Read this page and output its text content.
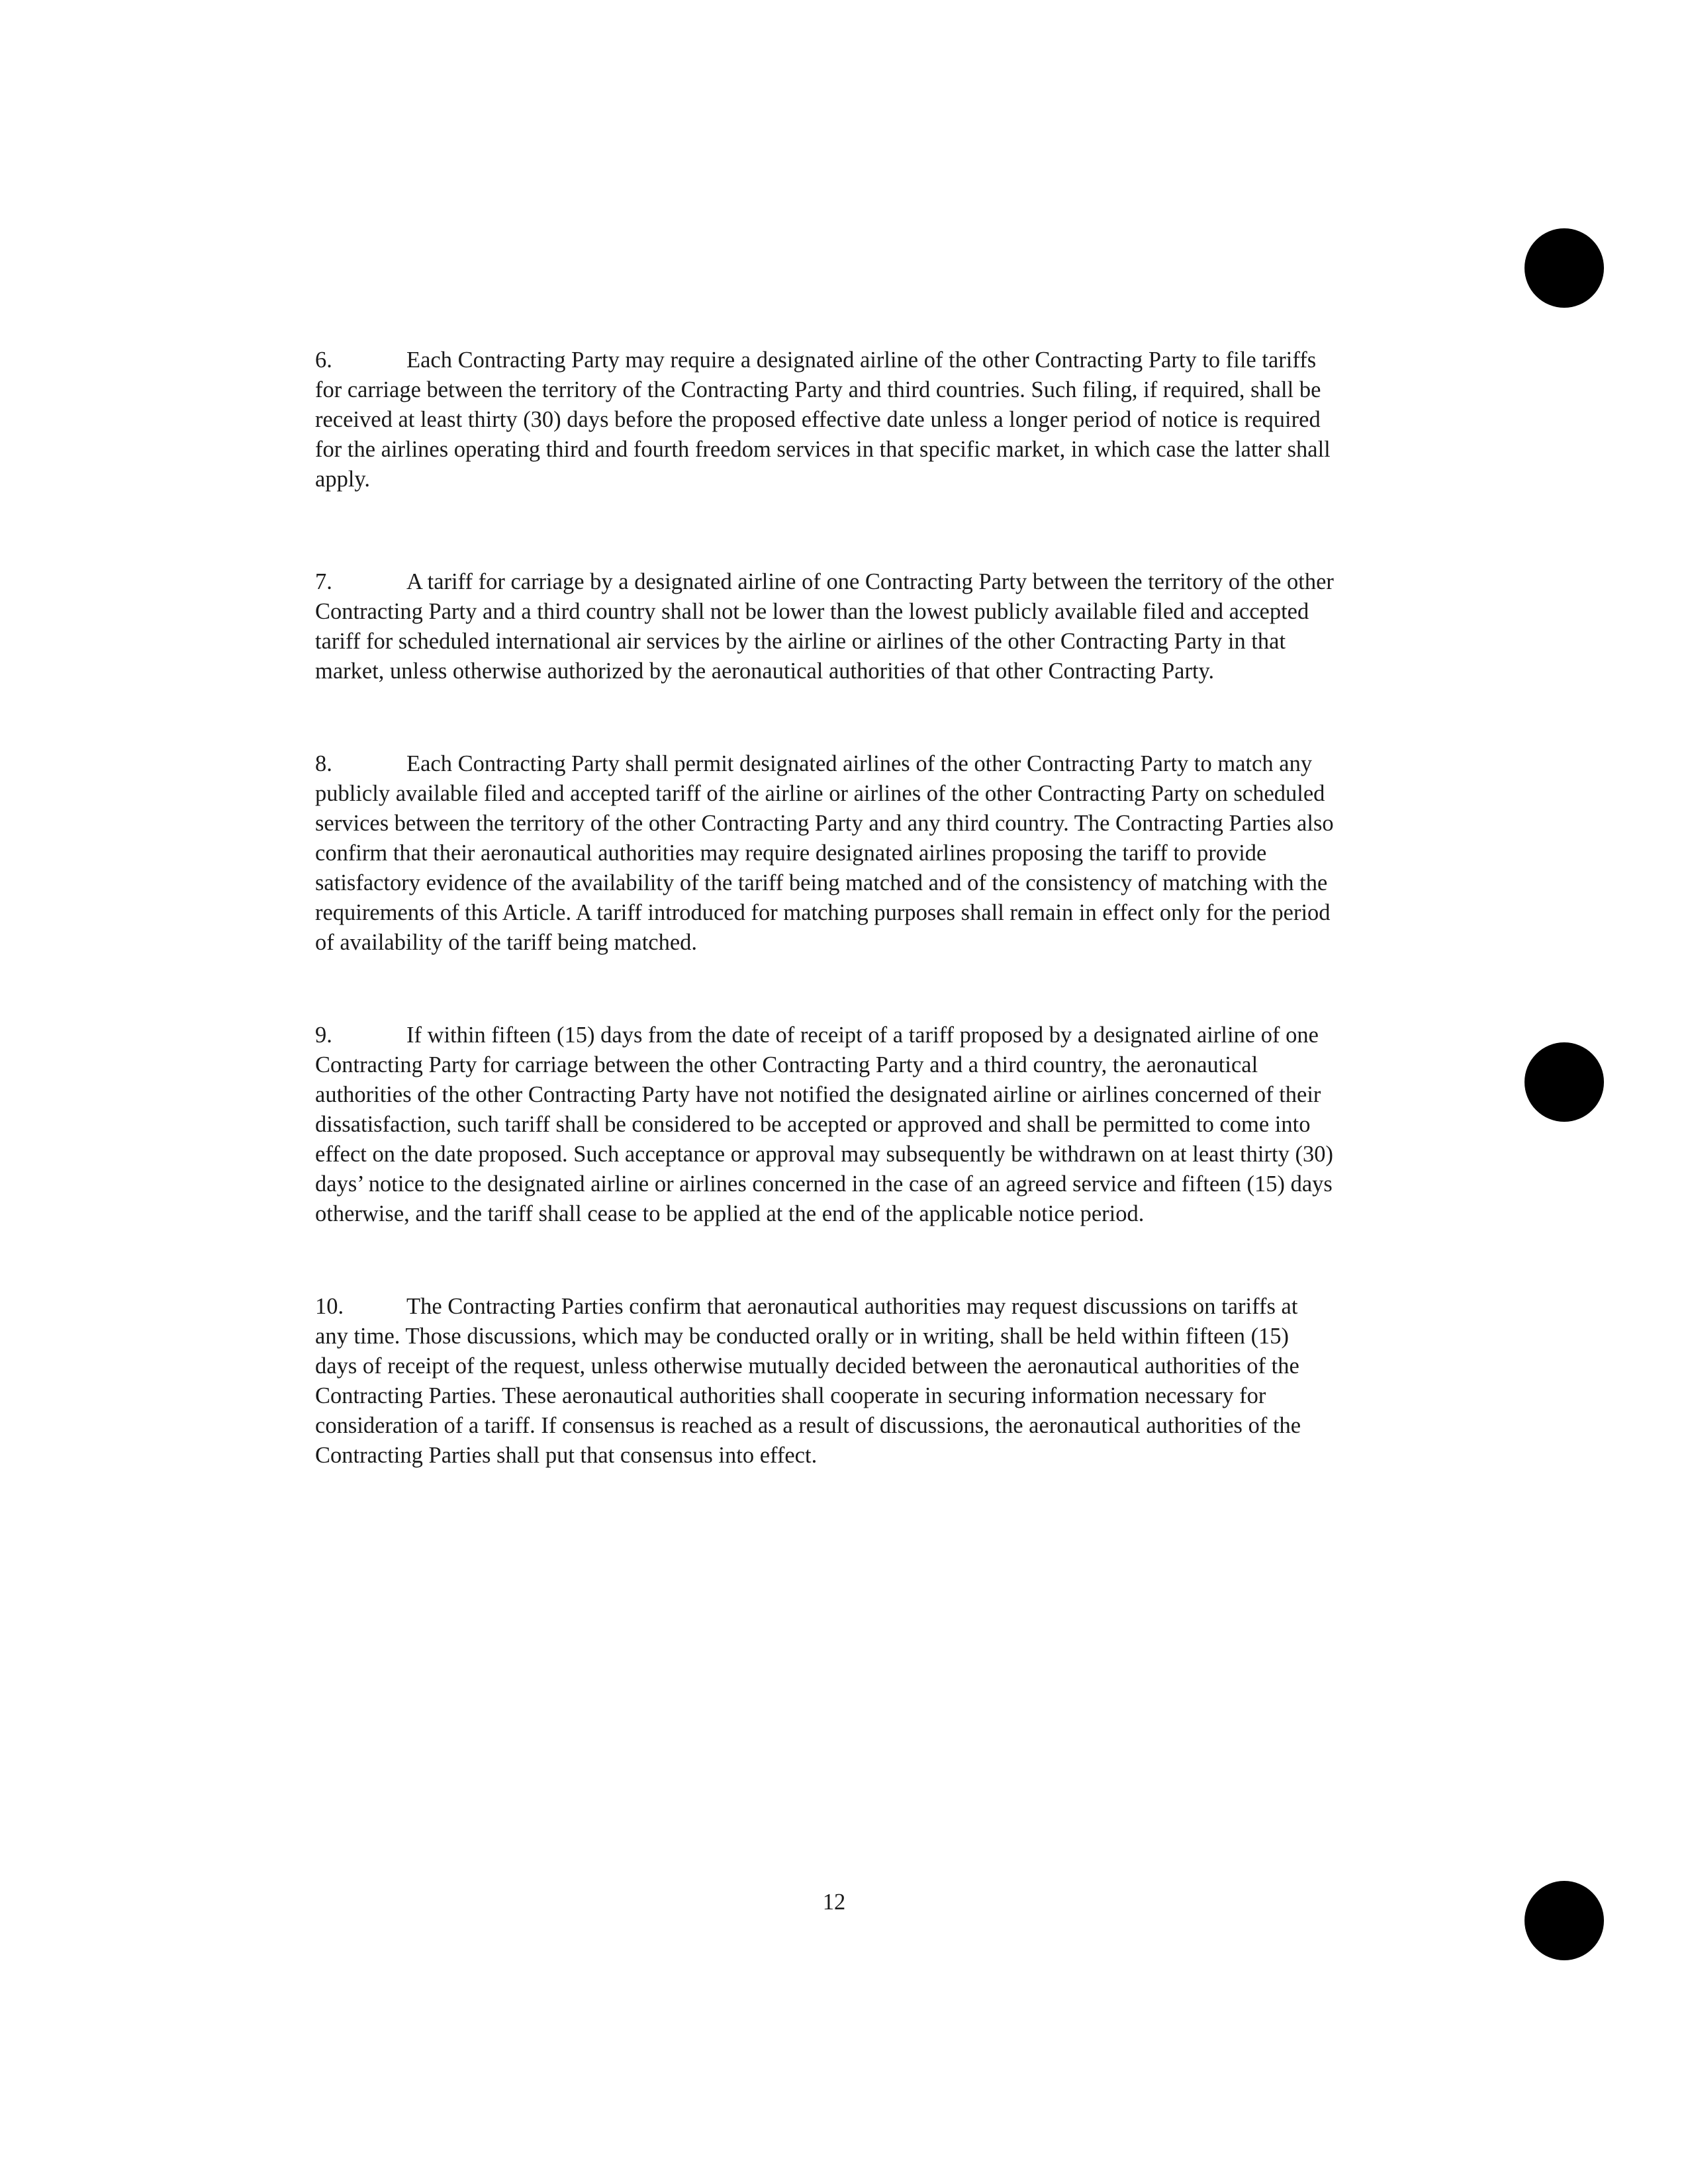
6.	Each Contracting Party may require a designated airline of the other Contracting Party to file tariffs for carriage between the territory of the Contracting Party and third countries. Such filing, if required, shall be received at least thirty (30) days before the proposed effective date unless a longer period of notice is required for the airlines operating third and fourth freedom services in that specific market, in which case the latter shall apply.

7.	A tariff for carriage by a designated airline of one Contracting Party between the territory of the other Contracting Party and a third country shall not be lower than the lowest publicly available filed and accepted tariff for scheduled international air services by the airline or airlines of the other Contracting Party in that market, unless otherwise authorized by the aeronautical authorities of that other Contracting Party.

8.	Each Contracting Party shall permit designated airlines of the other Contracting Party to match any publicly available filed and accepted tariff of the airline or airlines of the other Contracting Party on scheduled services between the territory of the other Contracting Party and any third country. The Contracting Parties also confirm that their aeronautical authorities may require designated airlines proposing the tariff to provide satisfactory evidence of the availability of the tariff being matched and of the consistency of matching with the requirements of this Article. A tariff introduced for matching purposes shall remain in effect only for the period of availability of the tariff being matched.

9.	If within fifteen (15) days from the date of receipt of a tariff proposed by a designated airline of one Contracting Party for carriage between the other Contracting Party and a third country, the aeronautical authorities of the other Contracting Party have not notified the designated airline or airlines concerned of their dissatisfaction, such tariff shall be considered to be accepted or approved and shall be permitted to come into effect on the date proposed. Such acceptance or approval may subsequently be withdrawn on at least thirty (30) days’ notice to the designated airline or airlines concerned in the case of an agreed service and fifteen (15) days otherwise, and the tariff shall cease to be applied at the end of the applicable notice period.

10.	The Contracting Parties confirm that aeronautical authorities may request discussions on tariffs at any time. Those discussions, which may be conducted orally or in writing, shall be held within fifteen (15) days of receipt of the request, unless otherwise mutually decided between the aeronautical authorities of the Contracting Parties. These aeronautical authorities shall cooperate in securing information necessary for consideration of a tariff. If consensus is reached as a result of discussions, the aeronautical authorities of the Contracting Parties shall put that consensus into effect.

12
